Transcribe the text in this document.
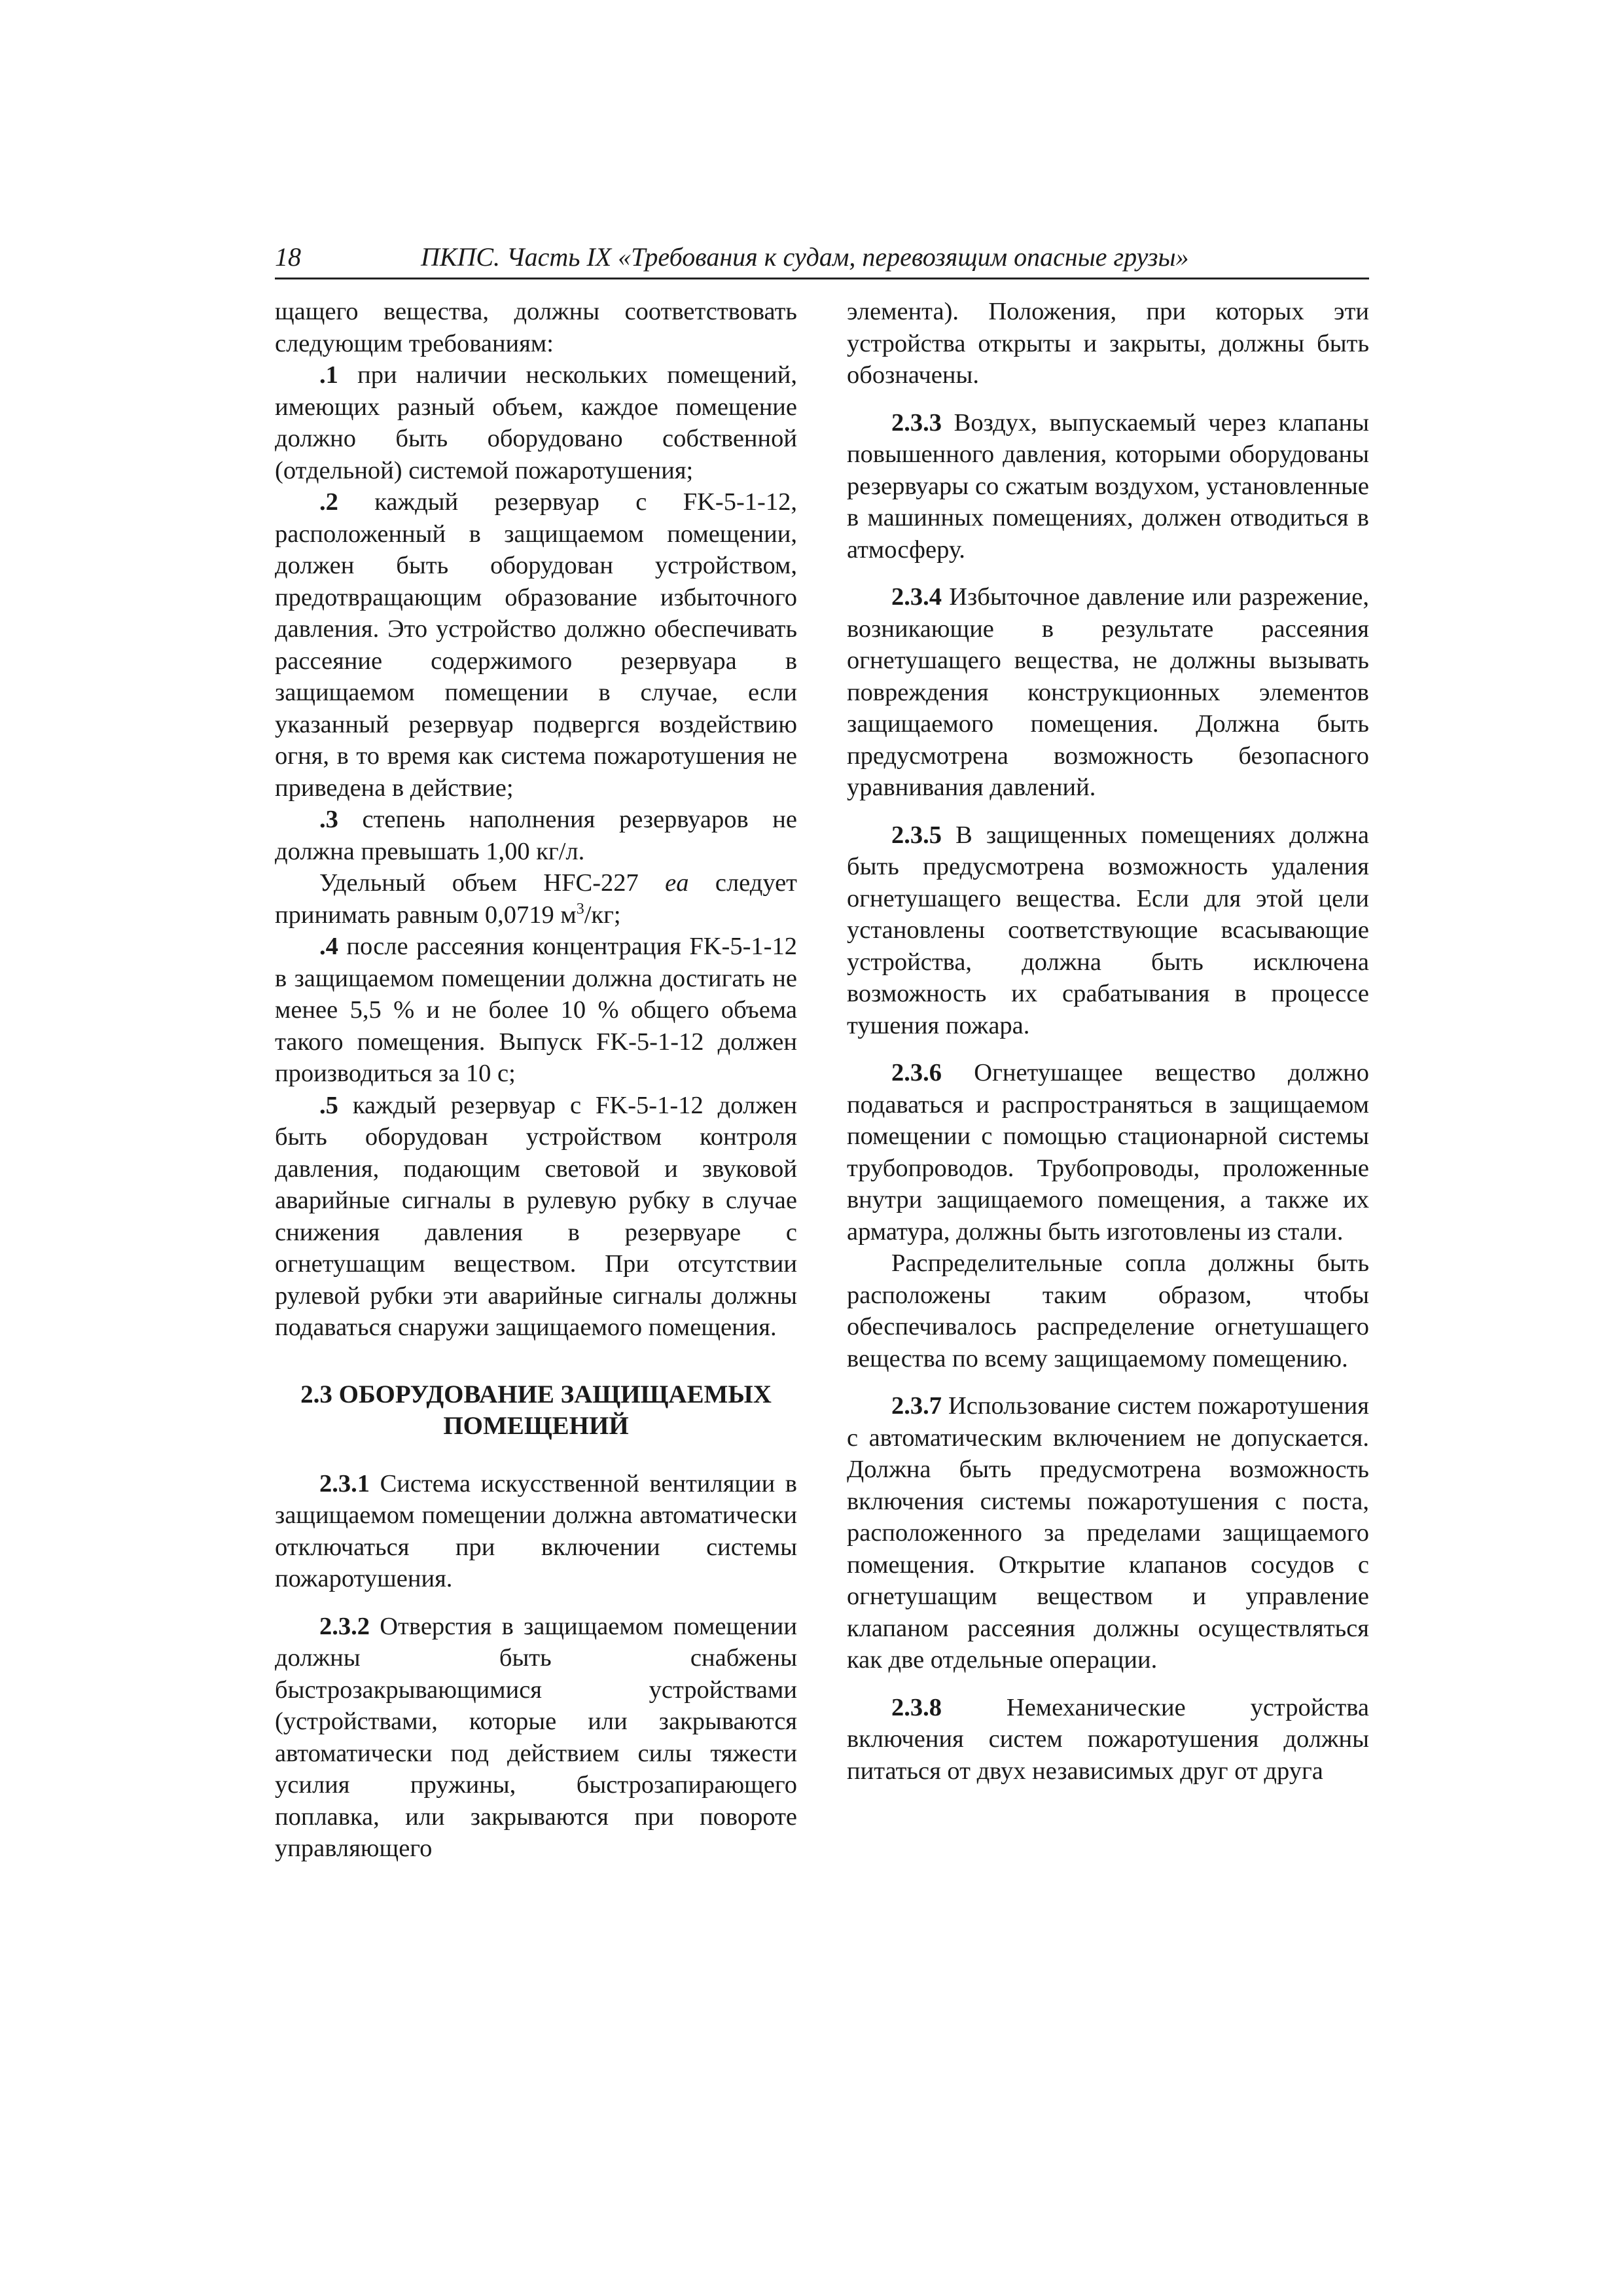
18	ПКПС. Часть IX «Требования к судам, перевозящим опасные грузы»

щащего вещества, должны соответствовать следующим требованиям:

.1 при наличии нескольких помещений, имеющих разный объем, каждое помещение должно быть оборудовано собственной (отдельной) системой пожаротушения;

.2 каждый резервуар с FK-5-1-12, расположенный в защищаемом помещении, должен быть оборудован устройством, предотвращающим образование избыточного давления. Это устройство должно обеспечивать рассеяние содержимого резервуара в защищаемом помещении в случае, если указанный резервуар подвергся воздействию огня, в то время как система пожаротушения не приведена в действие;

.3 степень наполнения резервуаров не должна превышать 1,00 кг/л.

Удельный объем HFC-227 ea следует принимать равным 0,0719 $м^3/кг$;

.4 после рассеяния концентрация FK-5-1-12 в защищаемом помещении должна достигать не менее 5,5 % и не более 10 % общего объема такого помещения. Выпуск FK-5-1-12 должен производиться за 10 с;

.5 каждый резервуар с FK-5-1-12 должен быть оборудован устройством контроля давления, подающим световой и звуковой аварийные сигналы в рулевую рубку в случае снижения давления в резервуаре с огнетушащим веществом. При отсутствии рулевой рубки эти аварийные сигналы должны подаваться снаружи защищаемого помещения.

2.3 ОБОРУДОВАНИЕ ЗАЩИЩАЕМЫХ
ПОМЕЩЕНИЙ

2.3.1 Система искусственной вентиляции в защищаемом помещении должна автоматически отключаться при включении системы пожаротушения.

2.3.2 Отверстия в защищаемом помещении должны быть снабжены быстрозакрывающимися устройствами (устройствами, которые или закрываются автоматически под действием силы тяжести усилия пружины, быстрозапирающего поплавка, или закрываются при повороте управляющего

элемента). Положения, при которых эти устройства открыты и закрыты, должны быть обозначены.

2.3.3 Воздух, выпускаемый через клапаны повышенного давления, которыми оборудованы резервуары со сжатым воздухом, установленные в машинных помещениях, должен отводиться в атмосферу.

2.3.4 Избыточное давление или разрежение, возникающие в результате рассеяния огнетушащего вещества, не должны вызывать повреждения конструкционных элементов защищаемого помещения. Должна быть предусмотрена возможность безопасного уравнивания давлений.

2.3.5 В защищенных помещениях должна быть предусмотрена возможность удаления огнетушащего вещества. Если для этой цели установлены соответствующие всасывающие устройства, должна быть исключена возможность их срабатывания в процессе тушения пожара.

2.3.6 Огнетушащее вещество должно подаваться и распространяться в защищаемом помещении с помощью стационарной системы трубопроводов. Трубопроводы, проложенные внутри защищаемого помещения, а также их арматура, должны быть изготовлены из стали.

Распределительные сопла должны быть расположены таким образом, чтобы обеспечивалось распределение огнетушащего вещества по всему защищаемому помещению.

2.3.7 Использование систем пожаротушения с автоматическим включением не допускается. Должна быть предусмотрена возможность включения системы пожаротушения с поста, расположенного за пределами защищаемого помещения. Открытие клапанов сосудов с огнетушащим веществом и управление клапаном рассеяния должны осуществляться как две отдельные операции.

2.3.8 Немеханические устройства включения систем пожаротушения должны питаться от двух независимых друг от друга
